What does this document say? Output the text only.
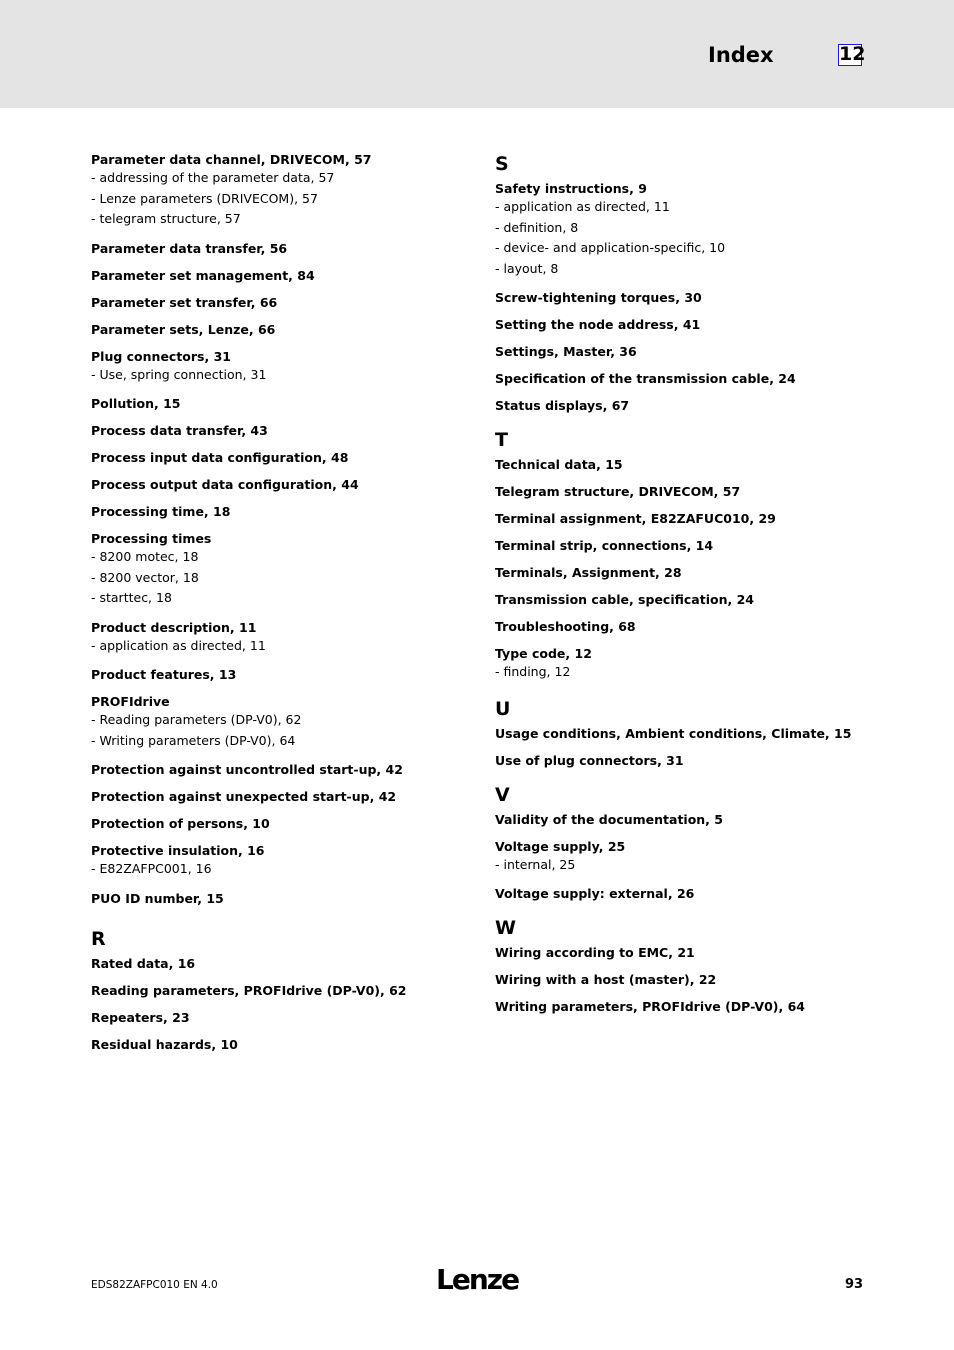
Index	12
Parameter data channel, DRIVECOM, 57
- addressing of the parameter data, 57
- Lenze parameters (DRIVECOM), 57
- telegram structure, 57
Parameter data transfer, 56
Parameter set management, 84
Parameter set transfer, 66
Parameter sets, Lenze, 66
Plug connectors, 31
- Use, spring connection, 31
Pollution, 15
Process data transfer, 43
Process input data configuration, 48
Process output data configuration, 44
Processing time, 18
Processing times
- 8200 motec, 18
- 8200 vector, 18
- starttec, 18
Product description, 11
- application as directed, 11
Product features, 13
PROFIdrive
- Reading parameters (DP-V0), 62
- Writing parameters (DP-V0), 64
Protection against uncontrolled start-up, 42
Protection against unexpected start-up, 42
Protection of persons, 10
Protective insulation, 16
- E82ZAFPC001, 16
PUO ID number, 15
R
Rated data, 16
Reading parameters, PROFIdrive (DP-V0), 62
Repeaters, 23
Residual hazards, 10
S
Safety instructions, 9
- application as directed, 11
- definition, 8
- device- and application-specific, 10
- layout, 8
Screw-tightening torques, 30
Setting the node address, 41
Settings, Master, 36
Specification of the transmission cable, 24
Status displays, 67
T
Technical data, 15
Telegram structure, DRIVECOM, 57
Terminal assignment, E82ZAFUC010, 29
Terminal strip, connections, 14
Terminals, Assignment, 28
Transmission cable, specification, 24
Troubleshooting, 68
Type code, 12
- finding, 12
U
Usage conditions, Ambient conditions, Climate, 15
Use of plug connectors, 31
V
Validity of the documentation, 5
Voltage supply, 25
- internal, 25
Voltage supply: external, 26
W
Wiring according to EMC, 21
Wiring with a host (master), 22
Writing parameters, PROFIdrive (DP-V0), 64
EDS82ZAFPC010 EN 4.0	Lenze	93
